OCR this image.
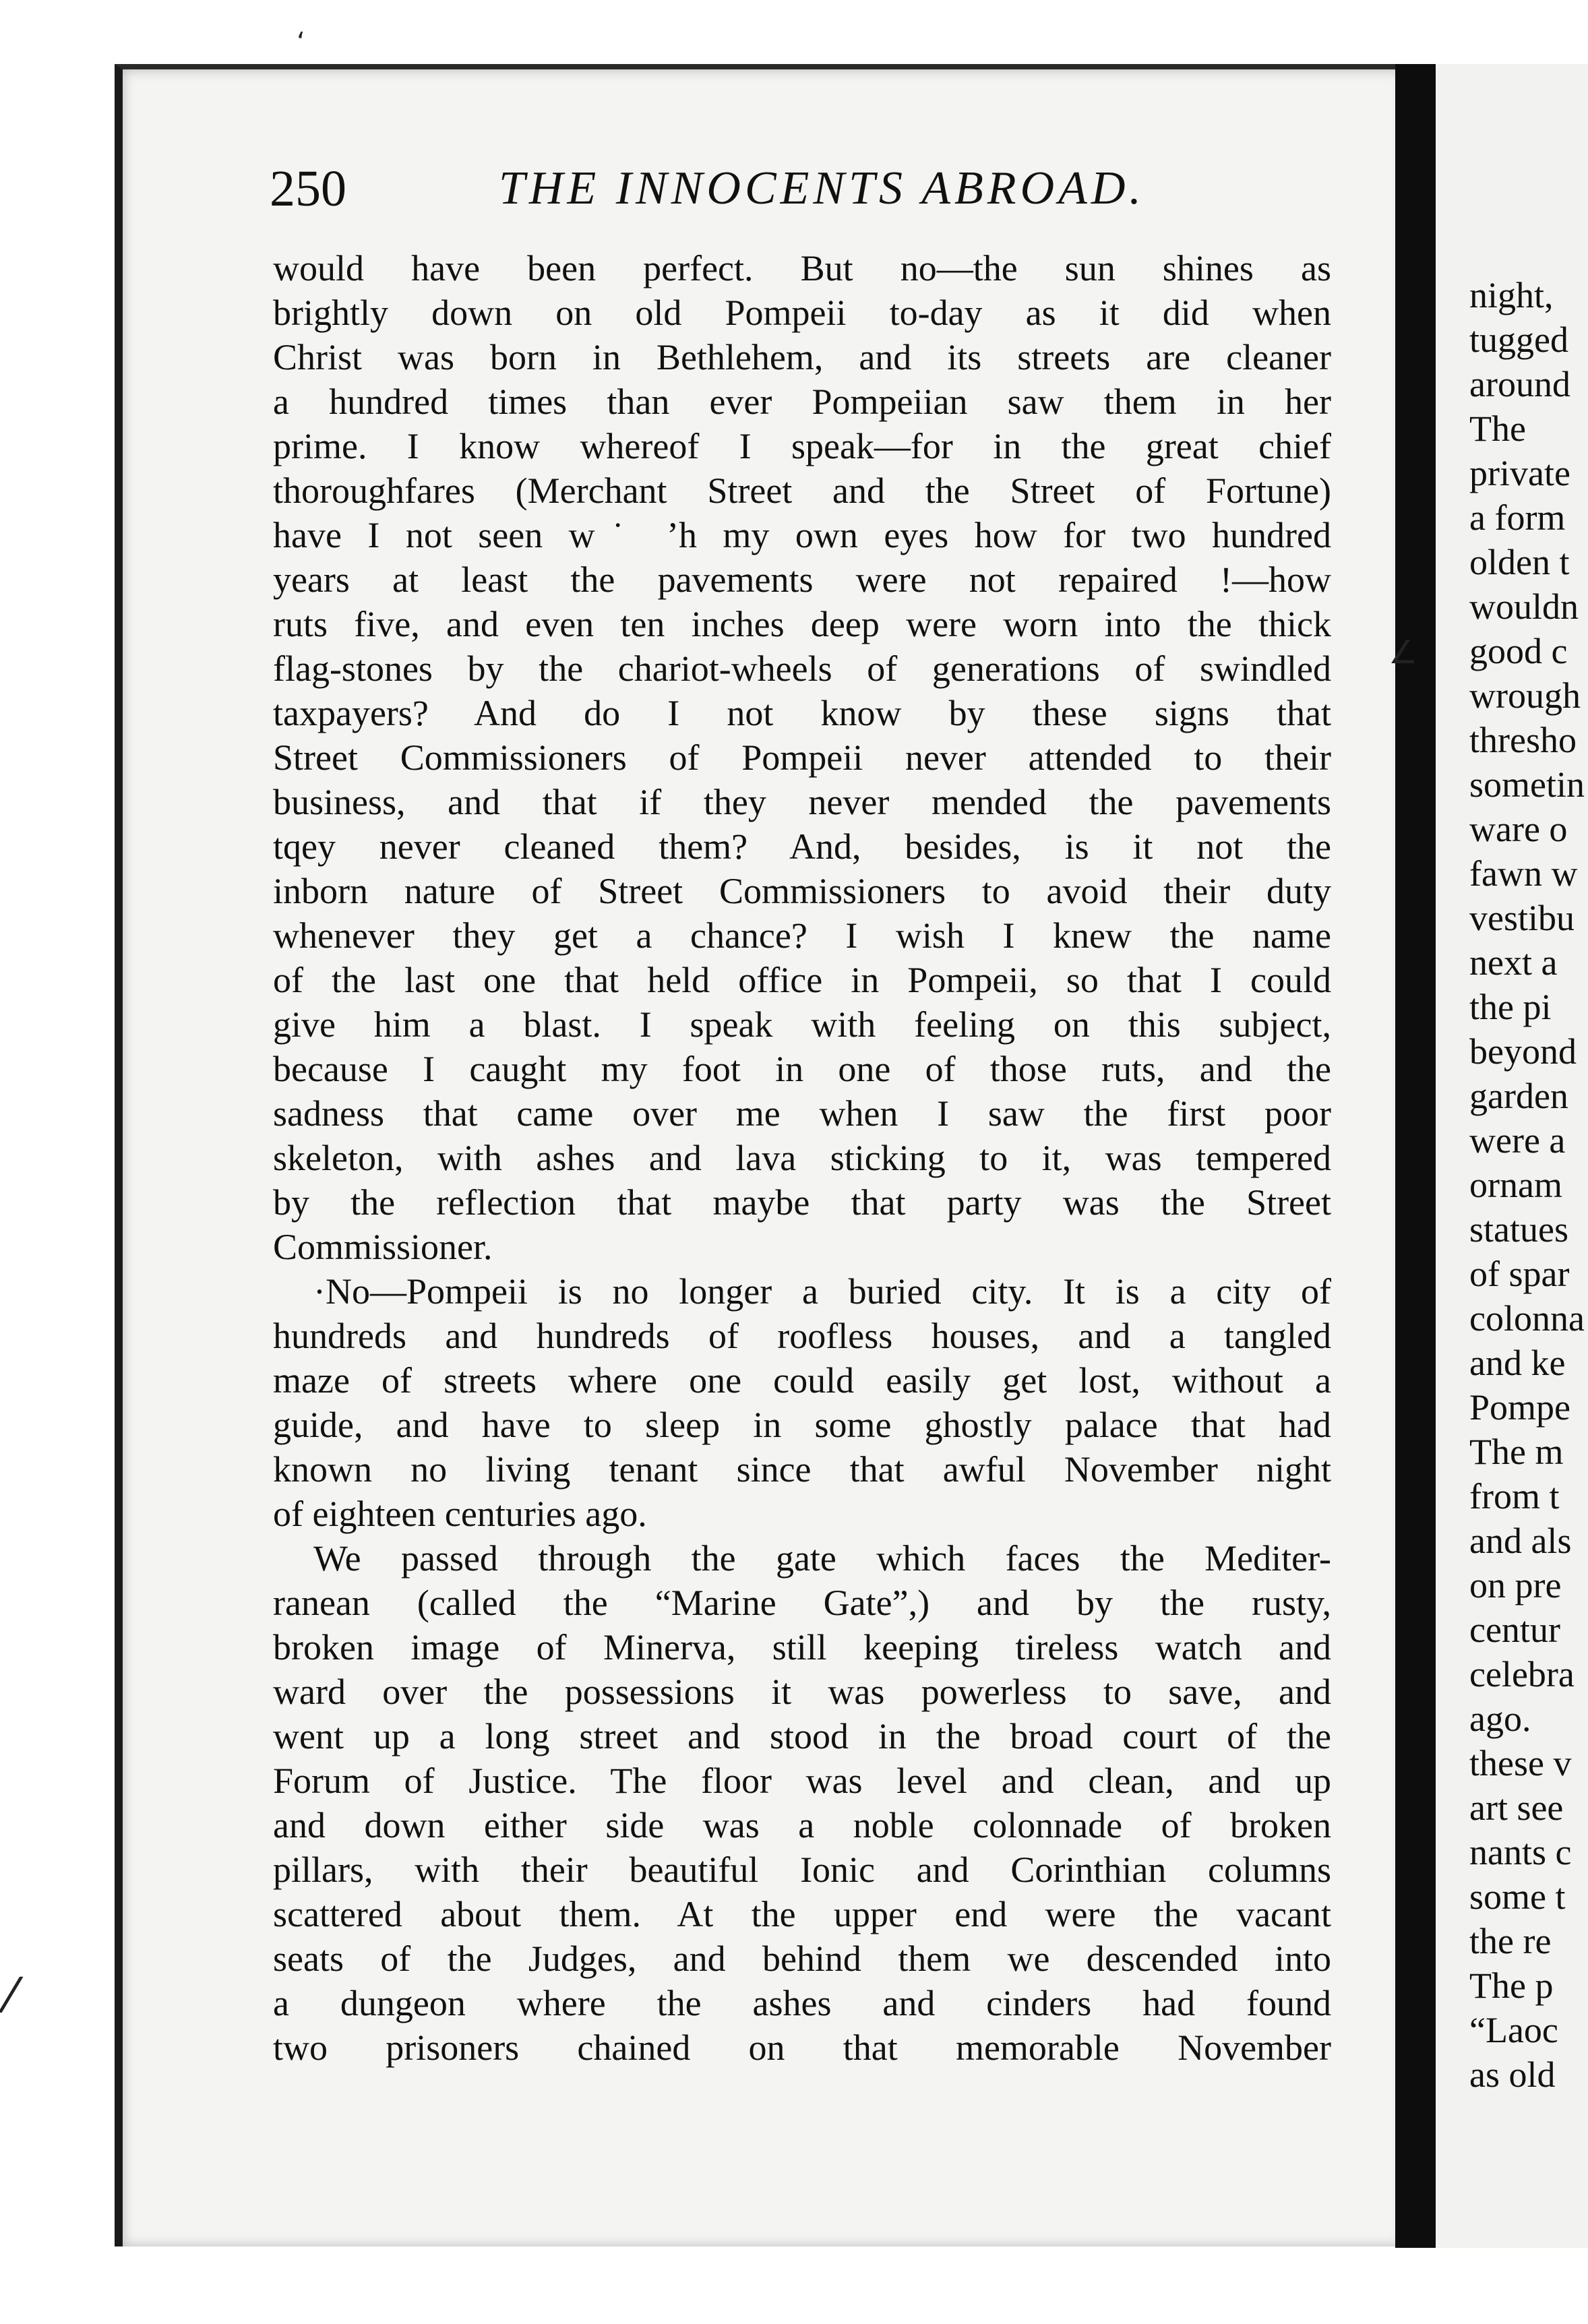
250	THE INNOCENTS ABROAD.
would have been perfect. But no—the sun shines as
brightly down on old Pompeii to-day as it did when
Christ was born in Bethlehem, and its streets are cleaner
a hundred times than ever Pompeiian saw them in her
prime. I know whereof I speak—for in the great chief
thoroughfares (Merchant Street and the Street of Fortune)
have I not seen w˙ ’h my own eyes how for two hundred
years at least the pavements were not repaired !—how
ruts five, and even ten inches deep were worn into the thick
flag-stones by the chariot-wheels of generations of swindled
taxpayers? And do I not know by these signs that
Street Commissioners of Pompeii never attended to their
business, and that if they never mended the pavements
tqey never cleaned them? And, besides, is it not the
inborn nature of Street Commissioners to avoid their duty
whenever they get a chance? I wish I knew the name
of the last one that held office in Pompeii, so that I could
give him a blast. I speak with feeling on this subject,
because I caught my foot in one of those ruts, and the
sadness that came over me when I saw the first poor
skeleton, with ashes and lava sticking to it, was tempered
by the reflection that maybe that party was the Street
Commissioner.
·No—Pompeii is no longer a buried city. It is a city of
hundreds and hundreds of roofless houses, and a tangled
maze of streets where one could easily get lost, without a
guide, and have to sleep in some ghostly palace that had
known no living tenant since that awful November night
of eighteen centuries ago.
We passed through the gate which faces the Mediter-
ranean (called the “Marine Gate”,) and by the rusty,
broken image of Minerva, still keeping tireless watch and
ward over the possessions it was powerless to save, and
went up a long street and stood in the broad court of the
Forum of Justice. The floor was level and clean, and up
and down either side was a noble colonnade of broken
pillars, with their beautiful Ionic and Corinthian columns
scattered about them. At the upper end were the vacant
seats of the Judges, and behind them we descended into
a dungeon where the ashes and cinders had found
two prisoners chained on that memorable November
night,
tugged
around
The
private
a form
olden t
wouldn
good c
wrough
thresho
sometin
ware o
fawn w
vestibu
next a
the pi
beyond
garden
were a
ornam
statues
of spar
colonna
and ke
Pompe
The m
from t
and als
on pre
centur
celebra
ago.
these v
art see
nants c
some t
the re
The p
“Laoc
as old
‘
∠
⁄
